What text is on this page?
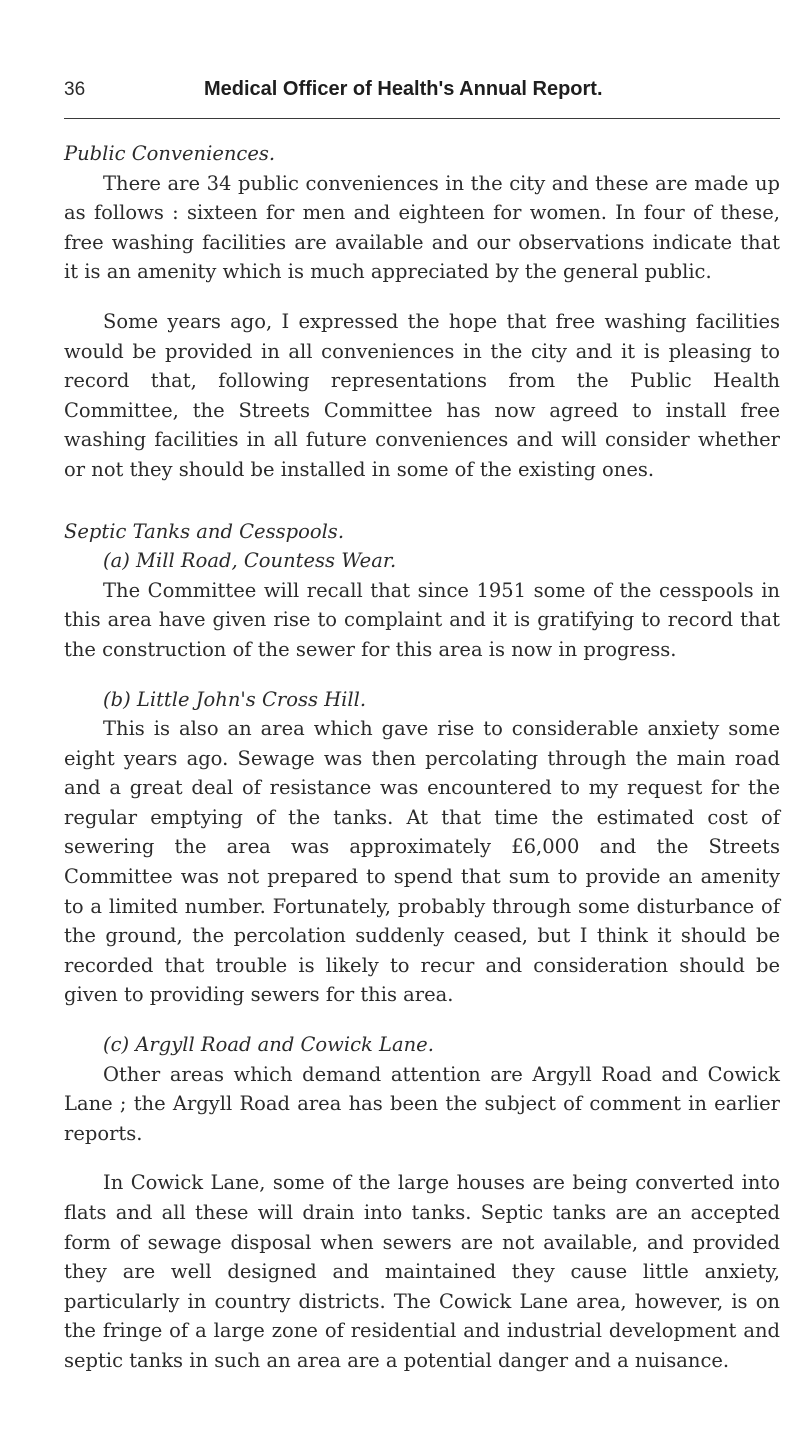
36	Medical Officer of Health's Annual Report.

Public Conveniences.

There are 34 public conveniences in the city and these are made up as follows : sixteen for men and eighteen for women. In four of these, free washing facilities are available and our observations indicate that it is an amenity which is much appreciated by the general public.

Some years ago, I expressed the hope that free washing facilities would be provided in all conveniences in the city and it is pleasing to record that, following representations from the Public Health Committee, the Streets Committee has now agreed to install free washing facilities in all future conveniences and will consider whether or not they should be installed in some of the existing ones.

Septic Tanks and Cesspools.

(a) Mill Road, Countess Wear.

The Committee will recall that since 1951 some of the cesspools in this area have given rise to complaint and it is gratifying to record that the construction of the sewer for this area is now in progress.

(b) Little John's Cross Hill.

This is also an area which gave rise to considerable anxiety some eight years ago. Sewage was then percolating through the main road and a great deal of resistance was encountered to my request for the regular emptying of the tanks. At that time the estimated cost of sewering the area was approximately £6,000 and the Streets Committee was not prepared to spend that sum to provide an amenity to a limited number. Fortunately, probably through some disturbance of the ground, the percolation suddenly ceased, but I think it should be recorded that trouble is likely to recur and consideration should be given to providing sewers for this area.

(c) Argyll Road and Cowick Lane.

Other areas which demand attention are Argyll Road and Cowick Lane ; the Argyll Road area has been the subject of comment in earlier reports.

In Cowick Lane, some of the large houses are being converted into flats and all these will drain into tanks. Septic tanks are an accepted form of sewage disposal when sewers are not available, and provided they are well designed and maintained they cause little anxiety, particularly in country districts. The Cowick Lane area, however, is on the fringe of a large zone of residential and industrial development and septic tanks in such an area are a potential danger and a nuisance.
